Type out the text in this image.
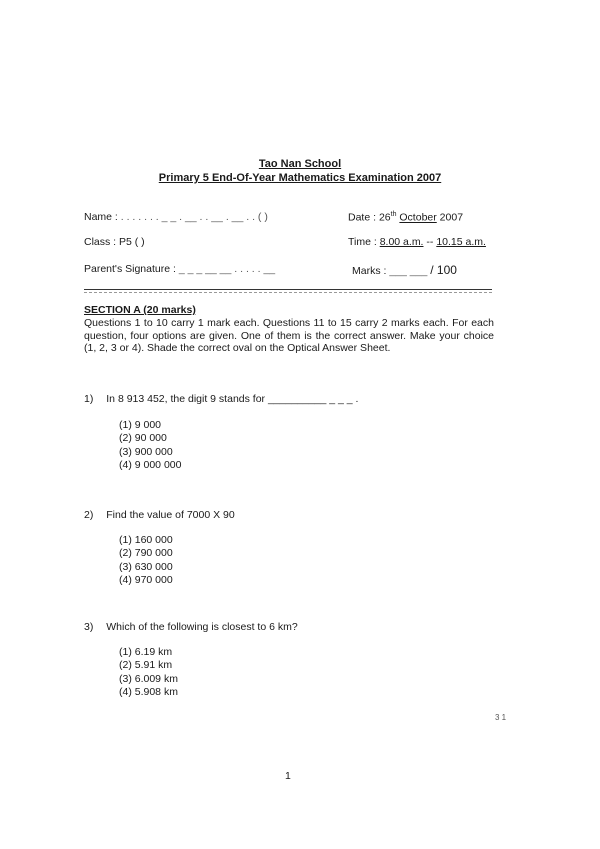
Tao Nan School
Primary 5 End-Of-Year Mathematics Examination 2007
Name : . . . . . . . _ _ . __ . . __ . __ . . ( )	Date : 26th October 2007
Class : P5 ( )	Time : 8.00 a.m. -- 10.15 a.m.
Parent's Signature : _ _ _ __ __ . . . . . __	Marks : ___ ___ / 100
SECTION A (20 marks)
Questions 1 to 10 carry 1 mark each. Questions 11 to 15 carry 2 marks each. For each question, four options are given. One of them is the correct answer. Make your choice (1, 2, 3 or 4). Shade the correct oval on the Optical Answer Sheet.
1) In 8 913 452, the digit 9 stands for __________ _ _ _ .
(1) 9 000
(2) 90 000
(3) 900 000
(4) 9 000 000
2) Find the value of 7000 X 90
(1) 160 000
(2) 790 000
(3) 630 000
(4) 970 000
3) Which of the following is closest to 6 km?
(1) 6.19 km
(2) 5.91 km
(3) 6.009 km
(4) 5.908 km
3 1
1
